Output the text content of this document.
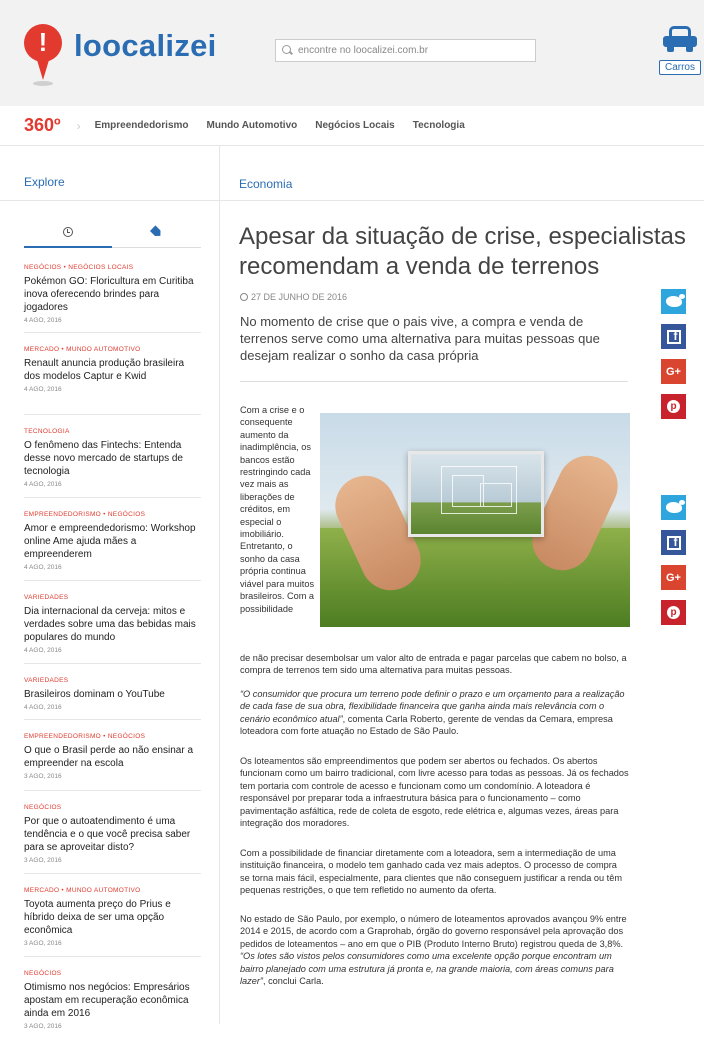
! loocalizei
encontre no loocalizei.com.br
Carros
360º › Empreendedorismo Mundo Automotivo Negócios Locais Tecnologia
Explore
NEGÓCIOS • NEGÓCIOS LOCAIS
Pokémon GO: Floricultura em Curitiba inova oferecendo brindes para jogadores
4 AGO, 2016
MERCADO • MUNDO AUTOMOTIVO
Renault anuncia produção brasileira dos modelos Captur e Kwid
4 AGO, 2016
TECNOLOGIA
O fenômeno das Fintechs: Entenda desse novo mercado de startups de tecnologia
4 AGO, 2016
EMPREENDEDORISMO • NEGÓCIOS
Amor e empreendedorismo: Workshop online Ame ajuda mães a empreenderem
4 AGO, 2016
VARIEDADES
Dia internacional da cerveja: mitos e verdades sobre uma das bebidas mais populares do mundo
4 AGO, 2016
VARIEDADES
Brasileiros dominam o YouTube
4 AGO, 2016
EMPREENDEDORISMO • NEGÓCIOS
O que o Brasil perde ao não ensinar a empreender na escola
3 AGO, 2016
NEGÓCIOS
Por que o autoatendimento é uma tendência e o que você precisa saber para se aproveitar disto?
3 AGO, 2016
MERCADO • MUNDO AUTOMOTIVO
Toyota aumenta preço do Prius e híbrido deixa de ser uma opção econômica
3 AGO, 2016
NEGÓCIOS
Otimismo nos negócios: Empresários apostam em recuperação econômica ainda em 2016
3 AGO, 2016
Economia
Apesar da situação de crise, especialistas recomendam a venda de terrenos
27 DE JUNHO DE 2016
No momento de crise que o pais vive, a compra e venda de terrenos serve como uma alternativa para muitas pessoas que desejam realizar o sonho da casa própria
Com a crise e o consequente aumento da inadimplência, os bancos estão restringindo cada vez mais as liberações de créditos, em especial o imobiliário. Entretanto, o sonho da casa própria continua viável para muitos brasileiros. Com a possibilidade
de não precisar desembolsar um valor alto de entrada e pagar parcelas que cabem no bolso, a compra de terrenos tem sido uma alternativa para muitas pessoas.
“O consumidor que procura um terreno pode definir o prazo e um orçamento para a realização de cada fase de sua obra, flexibilidade financeira que ganha ainda mais relevância com o cenário econômico atual”, comenta Carla Roberto, gerente de vendas da Cemara, empresa loteadora com forte atuação no Estado de São Paulo.
Os loteamentos são empreendimentos que podem ser abertos ou fechados. Os abertos funcionam como um bairro tradicional, com livre acesso para todas as pessoas. Já os fechados tem portaria com controle de acesso e funcionam como um condomínio. A loteadora é responsável por preparar toda a infraestrutura básica para o funcionamento – como pavimentação asfáltica, rede de coleta de esgoto, rede elétrica e, algumas vezes, áreas para integração dos moradores.
Com a possibilidade de financiar diretamente com a loteadora, sem a intermediação de uma instituição financeira, o modelo tem ganhado cada vez mais adeptos. O processo de compra se torna mais fácil, especialmente, para clientes que não conseguem justificar a renda ou têm pequenas restrições, o que tem refletido no aumento da oferta.
No estado de São Paulo, por exemplo, o número de loteamentos aprovados avançou 9% entre 2014 e 2015, de acordo com a Graprohab, órgão do governo responsável pela aprovação dos pedidos de loteamentos – ano em que o PIB (Produto Interno Bruto) registrou queda de 3,8%. “Os lotes são vistos pelos consumidores como uma excelente opção porque encontram um bairro planejado com uma estrutura já pronta e, na grande maioria, com áreas comuns para lazer”, conclui Carla.
f
G+
p
f
G+
p
